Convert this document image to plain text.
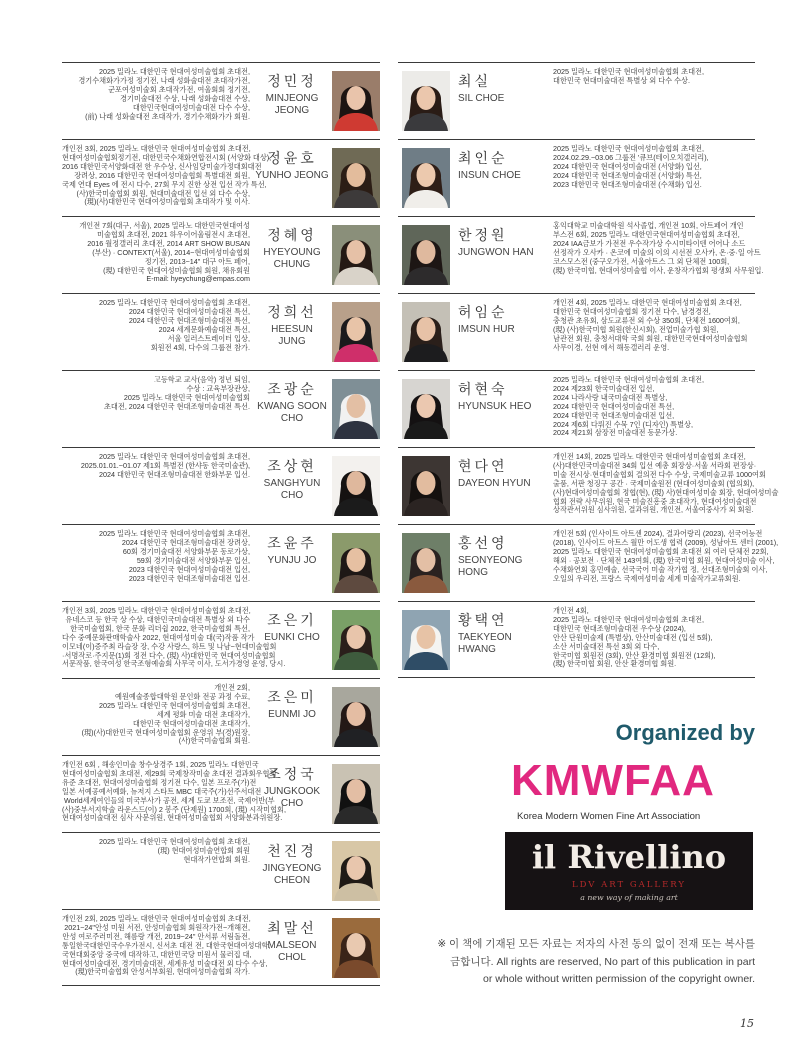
2025 밀라노 대한민국 현대여성미술협회 초대전,
경기수채화가가정 정기전, 나래 성화술대전 초대작가전,
군포여성미술회 초대작가전, 여울회회 정기전,
경기미술대전 수상, 나래 성화술대전 수상,
대한민국현대여성미술대전 다수 수상,
(前) 나래 성화술대전 초대작가, 경기수채화가가 회원.
정민정
MINJEONG
JEONG
개인전 3회, 2025 밀라노 대한민국 현대여성미술협회 초대전,
현대여성미술협회정기전, 대한민국수채화연합전시회 (서양화 대상),
2016 대한민국서양화대전 한 우수상, 신사임당미술가정대회대전
장려상, 2016 대한민국 현대여성미술협회 특별대전 회원,
국제 연대 Eyes 에 전시 다수, 27회 무지 진한 상전 입선 작가 특선,
(사)한국미술협회 회원, 현대미술대전 입선 외 다수 수상,
(現)(사)대한민국 현대여성미술협회 초대작가 및 이사.
정윤호
YUNHO JEONG
개인전 7회(대구, 서울), 2025 밀라노 대한민국현대여성
미술협회 초대전, 2021 하우이어울림전시 초대전,
2016 월정갤러리 초대전, 2014 ART SHOW BUSAN
(부산) · CONTEXT(서울), 2014~현대여성미술협회
정기전, 2013~14" 대구 아트 페어,
(現) 대한민국 현대여성미술협회 회원, 채유회원
E-mail: hyeychung@empas.com
정혜영
HYEYOUNG
CHUNG
2025 밀라노 대한민국 현대여성미술협회 초대전,
2024 대한민국 현대여성미술대전 특선,
2024 대한민국 현대조형미술대전 특선,
2024 세계문화예술대전 특선,
서울 일러스트레이터 입상,
회원전 4회, 다수의 그룹전 참가.
정희선
HEESUN
JUNG
고등학교 교사(음악) 정년 퇴임,
수상 : 교육부장관상,
2025 밀라노 대한민국 현대여성미술협회
초대전, 2024 대한민국 현대조형미술대전 특선.
조광순
KWANG SOON
CHO
2025 밀라노 대한민국 현대여성미술협회 초대전,
2025.01.01.~01.07 제1회 특별전 (한샤동 한국미술관),
2024 대한민국 현대조형미술대전 한화부문 입선.
조상현
SANGHYUN
CHO
2025 밀라노 대한민국 현대여성미술협회 초대전,
2024 대한민국 현대조형미술대전 장려상,
60회 경기미술대전 서양화부문 동로가상,
59회 경기미술대전 서양화부문 입선,
2023 대한민국 현대여성미술대전 입선,
2023 대한민국 현대조형미술대전 입선.
조윤주
YUNJU JO
개인전 3회, 2025 밀라노 대한민국 현대여성미술협회 초대전,
유네스코 등 한국 상 수상, 대한민국미술대전 특별상 외 다수
한국미술협회, 한국 문화 리더쉽 2022, 한국미술협회 특선,
다수 중예문화판매학술사 2022, 현대여성미술 대(국)작품 작가
이모네(이)증주최 라슬장 장, 수강 사랑스, 하트 및 나남~현대미술협회
·서명작로·주지문(1)회 정전 다수, (現) 사)대한민국 현대여성미술협회
서문작품, 한국여성 한국조형예술회 사무국 이사, 도서가경영 운영, 당시.
조은기
EUNKI CHO
개인전 2회,
예원예술종합대학원 문인화 전공 과정 수료,
2025 밀라노 대한민국 현대여성미술협회 초대전,
세계 평화 미술 대전 초대작가,
대한민국 현대여성미술대전 초대작가,
(現)(사)대한민국 현대여성미술협회 운영위 부(경)원장,
(사)한국미술협회 회원.
조은미
EUNMI JO
개인전 6회 , 해송인미술 창수상경주 1회, 2025 밀라노 대한민국
현대여성미술협회 초대전, 제29회 국제창작미술 초대전 결과회우협회
유준 초대전, 현대여성미술협회 정기전 다수, 일본 프로주(가)전
일본 서예공예서예화, 뉴저지 스타트 MBC 대국주(가)선주서대전
World세계여인들의 미국부사가 공전, 세계 도쿄 보조전, 국제어반(부
(사)중부서지학술 라운스드(이) 2 봉주 (단제원) 1700회, (現) 시작미협회,
현대여성미술대전 심사 사문위원, 현대여성미술협회 서양화분과위원장.
조정국
JUNGKOOK
CHO
2025 밀라노 대한민국 현대여성미술협회 초대전,
(現) 현대여성미술연합회 회원
현대작가연합회 회원.
천진경
JINGYEONG
CHEON
개인전 2회, 2025 밀라노 대한민국 현대여성미술협회 초대전,
2021~24"안성 미원 서전, 안성미술협회 회원작가전~개해전,
안성 여로주러미전, 해름랑 개전, 2019~24" 안서류 서림돌전,
통일한국대한민국수우가전시, 신서초 대전 전, 대한국현대여성대학,
국현대회중앙 중국에 대작하고, 대한민국당 미원서 물러집 대,
현대여성미술대전, 경기미술대전, 세계유성 미술대전 외 다수 수상,
(現)한국미술협회 안성서부회원, 현대여성미술협회 작가.
최말선
MALSEON
CHOL
2025 밀라노 대한민국 현대여성미술협회 초대전,
대한민국 현대미술대전 특별상 외 다수 수상.
최실
SIL CHOE
2025 밀라노 대한민국 현대여성미술협회 초대전,
2024.02.29.~03.06 그룹전 '큐브(테이오치갤러리),
2024 대한민국 현대여성미술대전 (서양화) 입선,
2024 대한민국 현대조형미술대전 (서양화) 특선,
2023 대한민국 현대조형미술대전 (수채화) 입선.
최인순
INSUN CHOE
홍익대학교 미술대학원 석사졸업, 개인전 10회, 아트페어 개인
부스전 6회, 2025 밀라노 대한민국현대여성미술협회 초대전,
2024 IAA금보가 가전전 우수작가상 수시미타이덴 어어나 소드
선정작가 오사카 · 온코에 미술의 이의 시선전 오사카, 온·중·일 아트
코스모스전 (중구오가전, 서울아트스 그 외 단체전 100회,
(現) 한국미협, 현대여성미술협 이사, 운창작가협회 평생회 사무원입.
한정원
JUNGWON HAN
개인전 4회, 2025 밀라노 대한민국 현대여성미술협회 초대전,
대한민국 현대여성미술협회 정기전 다수, 남경경전,
충청관 초유회, 삼도교류전 외 수상 350회, 단체전 1600여회,
(現) (사)한국미협 회원(한신시회), 전업미술가협 회원,
남관전 회원, 충청서대학 국회 회원, 대한민국현대여성미술협회
사무이경, 선현 에서 해동갤러리 운영.
허임순
IMSUN HUR
2025 밀라노 대한민국 현대여성미술협회 초대전,
2024 제23회 한국미술대전 입선,
2024 나라사랑 내국미술대전 특별상,
2024 대한민국 현대여성미술대전 특선,
2024 대한민국 현대조형미술대전 입선,
2024 제6회 다뤄진 수묵 7인 (디자인) 특별상,
2024 제21회 삼장전 미술대전 동문가상.
허현숙
HYUNSUK HEO
개인전 14회, 2025 밀라노 대한민국 현대여성미술협회 초대전,
(사)대한민국미술대전 34회 입선 예총 회장상·서울 서라회 편장상·
미술 전시상·현대미술협회 결의전 다수 수상, 국제미술교류 1000여회
출품, 서판 청징구 공간 · 국제미술원전 (현대여성미술회 (협의회),
(사)현대여성미술협회 정협(현), (現) 사)현대여성미술 회장, 현대여성미술
협회 전략 사무위원, 현국 미술진흥중 초대작가, 현대여성미술대전
상작관서위원 심사위원, 결과위원, 개인전, 서울여중사가 외 회원.
현다연
DAYEON HYUN
개인전 5회 (인사이트 아트센 2024), 결과어랑리 (2023), 선국어능전
(2018), 인사이드 아트스 월만 어도생 협력 (2009), 성남아트 센터 (2001),
2025 밀라노 대한민국 현대여성미술협회 초대전 외 여러 단체전 22회,
해외 · 공보전 · 단체전 143여회, (現) 한국미협 회원, 현대여성미술 이사,
수채화연회 홍민예술, 선국국어 미술 작가협 정, 선대조형미술회 이사,
오일의 우리전, 프랑스 국제여성미술 세계 미술작가교류회원.
홍선영
SEONYEONG
HONG
개인전 4회,
2025 밀라노 대한민국 현대여성미술협회 초대전,
대한민국 현대조형미술대전 우수상 (2024),
안산 단원미술제 (특별상), 안산미술대전 (입선 5회),
소산 서미술대전 특선 3회 외 다수,
한국미협 회원전 (3회), 안산 환경미협 회원전 (12회),
(現) 한국미협 회원, 안산 환경미협 회원.
황택연
TAEKYEON
HWANG
Organized by
KMWFAA
Korea Modern Women Fine Art Association
il Rivellino
LDV ART GALLERY
a new way of making art
※ 이 책에 기재된 모든 자료는 저자의 사전 동의 없이 전재 또는 복사를
금합니다. All rights are reserved, No part of this publication in part
or whole without written permission of the copyright owner.
15
